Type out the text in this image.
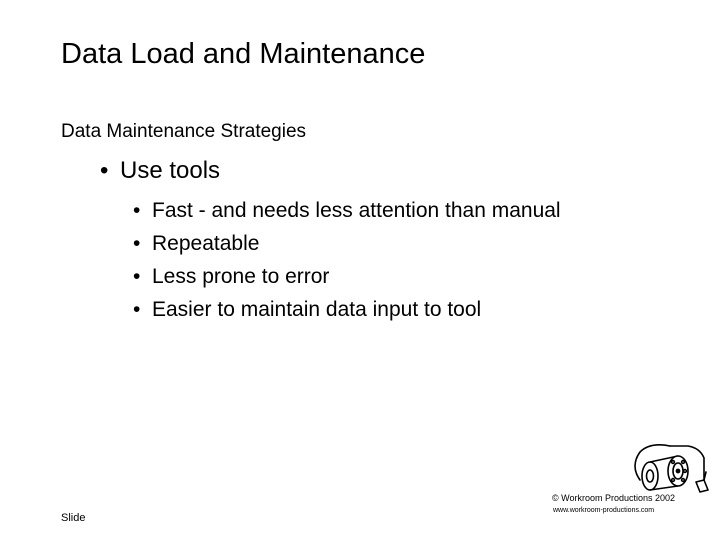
Data Load and Maintenance
Data Maintenance Strategies
• Use tools
• Fast - and needs less attention than manual
• Repeatable
• Less prone to error
• Easier to maintain data input to tool
Slide
© Workroom Productions 2002
www.workroom-productions.com
